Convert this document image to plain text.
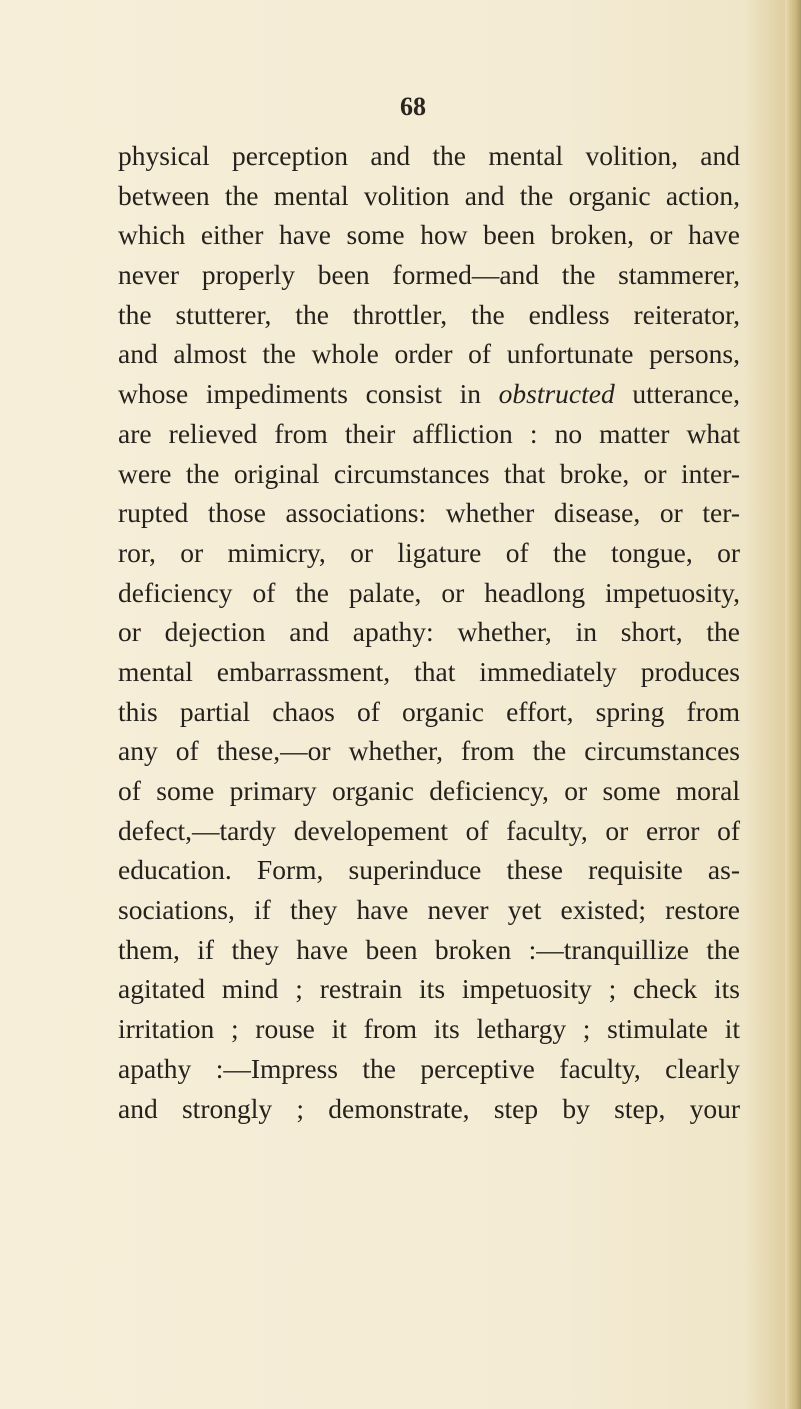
68
physical perception and the mental volition, and
between the mental volition and the organic action,
which either have some how been broken, or have
never properly been formed—and the stammerer,
the stutterer, the throttler, the endless reiterator,
and almost the whole order of unfortunate persons,
whose impediments consist in obstructed utterance,
are relieved from their affliction : no matter what
were the original circumstances that broke, or inter-
rupted those associations: whether disease, or ter-
ror, or mimicry, or ligature of the tongue, or
deficiency of the palate, or headlong impetuosity,
or dejection and apathy: whether, in short, the
mental embarrassment, that immediately produces
this partial chaos of organic effort, spring from
any of these,—or whether, from the circumstances
of some primary organic deficiency, or some moral
defect,—tardy developement of faculty, or error of
education. Form, superinduce these requisite as-
sociations, if they have never yet existed; restore
them, if they have been broken :—tranquillize the
agitated mind ; restrain its impetuosity ; check its
irritation ; rouse it from its lethargy ; stimulate it
apathy :—Impress the perceptive faculty, clearly
and strongly ; demonstrate, step by step, your
